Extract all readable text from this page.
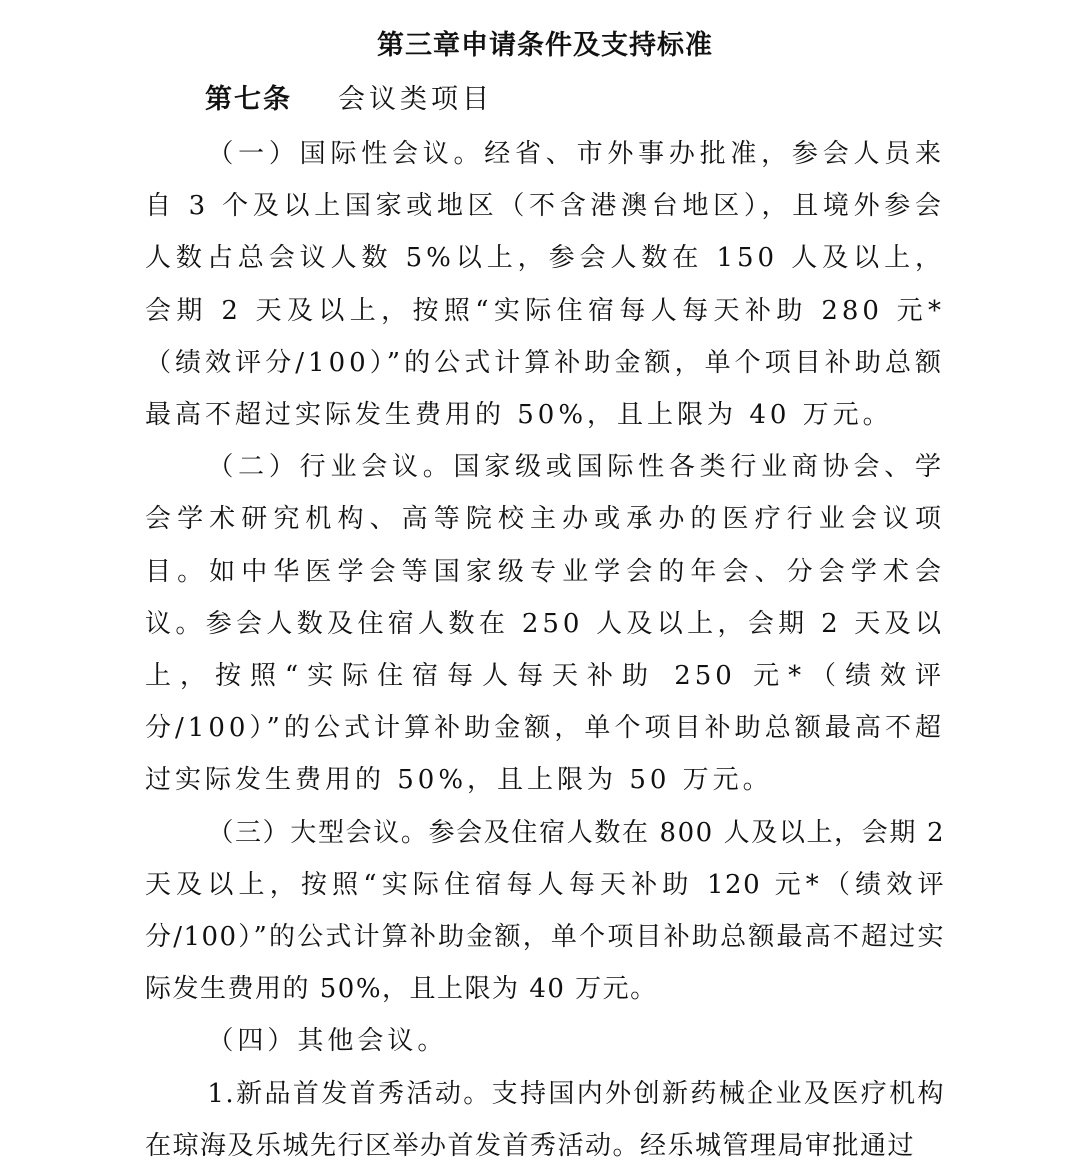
第三章申请条件及支持标准
第七条 会议类项目

（一）国际性会议。经省、市外事办批准，参会人员来自 3 个及以上国家或地区（不含港澳台地区），且境外参会人数占总会议人数 5%以上，参会人数在 150 人及以上，会期 2 天及以上，按照“实际住宿每人每天补助 280 元*（绩效评分/100）”的公式计算补助金额，单个项目补助总额最高不超过实际发生费用的 50%，且上限为 40 万元。

（二）行业会议。国家级或国际性各类行业商协会、学会学术研究机构、高等院校主办或承办的医疗行业会议项目。如中华医学会等国家级专业学会的年会、分会学术会议。参会人数及住宿人数在 250 人及以上，会期 2 天及以上，按照“实际住宿每人每天补助 250 元*（绩效评分/100）”的公式计算补助金额，单个项目补助总额最高不超过实际发生费用的 50%，且上限为 50 万元。

（三）大型会议。参会及住宿人数在 800 人及以上，会期 2 天及以上，按照“实际住宿每人每天补助 120 元*（绩效评分/100）”的公式计算补助金额，单个项目补助总额最高不超过实际发生费用的 50%，且上限为 40 万元。

（四）其他会议。

1.新品首发首秀活动。支持国内外创新药械企业及医疗机构在琼海及乐城先行区举办首发首秀活动。经乐城管理局审批通过
